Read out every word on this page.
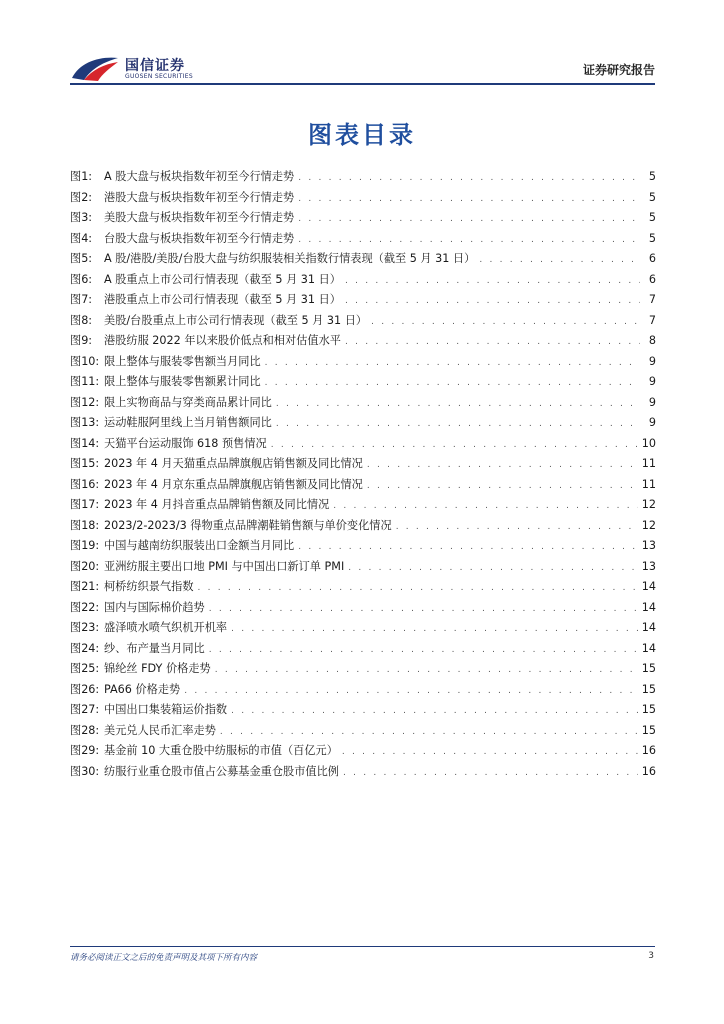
国信证券
GUOSEN SECURITIES	证券研究报告
图表目录
图1:	A 股大盘与板块指数年初至今行情走势 . . .	5
图2:	港股大盘与板块指数年初至今行情走势 . . .	5
图3:	美股大盘与板块指数年初至今行情走势 . . .	5
图4:	台股大盘与板块指数年初至今行情走势 . . .	5
图5:	A 股/港股/美股/台股大盘与纺织服装相关指数行情表现（截至 5 月 31 日） . . .	6
图6:	A 股重点上市公司行情表现（截至 5 月 31 日） . . .	6
图7:	港股重点上市公司行情表现（截至 5 月 31 日） . . .	7
图8:	美股/台股重点上市公司行情表现（截至 5 月 31 日） . . .	7
图9:	港股纺服 2022 年以来股价低点和相对估值水平 . . .	8
图10: 限上整体与服装零售额当月同比 . . .	9
图11: 限上整体与服装零售额累计同比 . . .	9
图12: 限上实物商品与穿类商品累计同比 . . .	9
图13: 运动鞋服阿里线上当月销售额同比 . . .	9
图14: 天猫平台运动服饰 618 预售情况 . . .	10
图15: 2023 年 4 月天猫重点品牌旗舰店销售额及同比情况 . . .	11
图16: 2023 年 4 月京东重点品牌旗舰店销售额及同比情况 . . .	11
图17: 2023 年 4 月抖音重点品牌销售额及同比情况 . . .	12
图18: 2023/2-2023/3 得物重点品牌潮鞋销售额与单价变化情况 . . .	12
图19: 中国与越南纺织服装出口金额当月同比 . . .	13
图20: 亚洲纺服主要出口地 PMI 与中国出口新订单 PMI . . .	13
图21: 柯桥纺织景气指数 . . .	14
图22: 国内与国际棉价趋势 . . .	14
图23: 盛泽喷水喷气织机开机率 . . .	14
图24: 纱、布产量当月同比 . . .	14
图25: 锦纶丝 FDY 价格走势 . . .	15
图26: PA66 价格走势 . . .	15
图27: 中国出口集装箱运价指数 . . .	15
图28: 美元兑人民币汇率走势 . . .	15
图29: 基金前 10 大重仓股中纺服标的市值（百亿元） . . .	16
图30: 纺服行业重仓股市值占公募基金重仓股市值比例 . . .	16
请务必阅读正文之后的免责声明及其项下所有内容	3
